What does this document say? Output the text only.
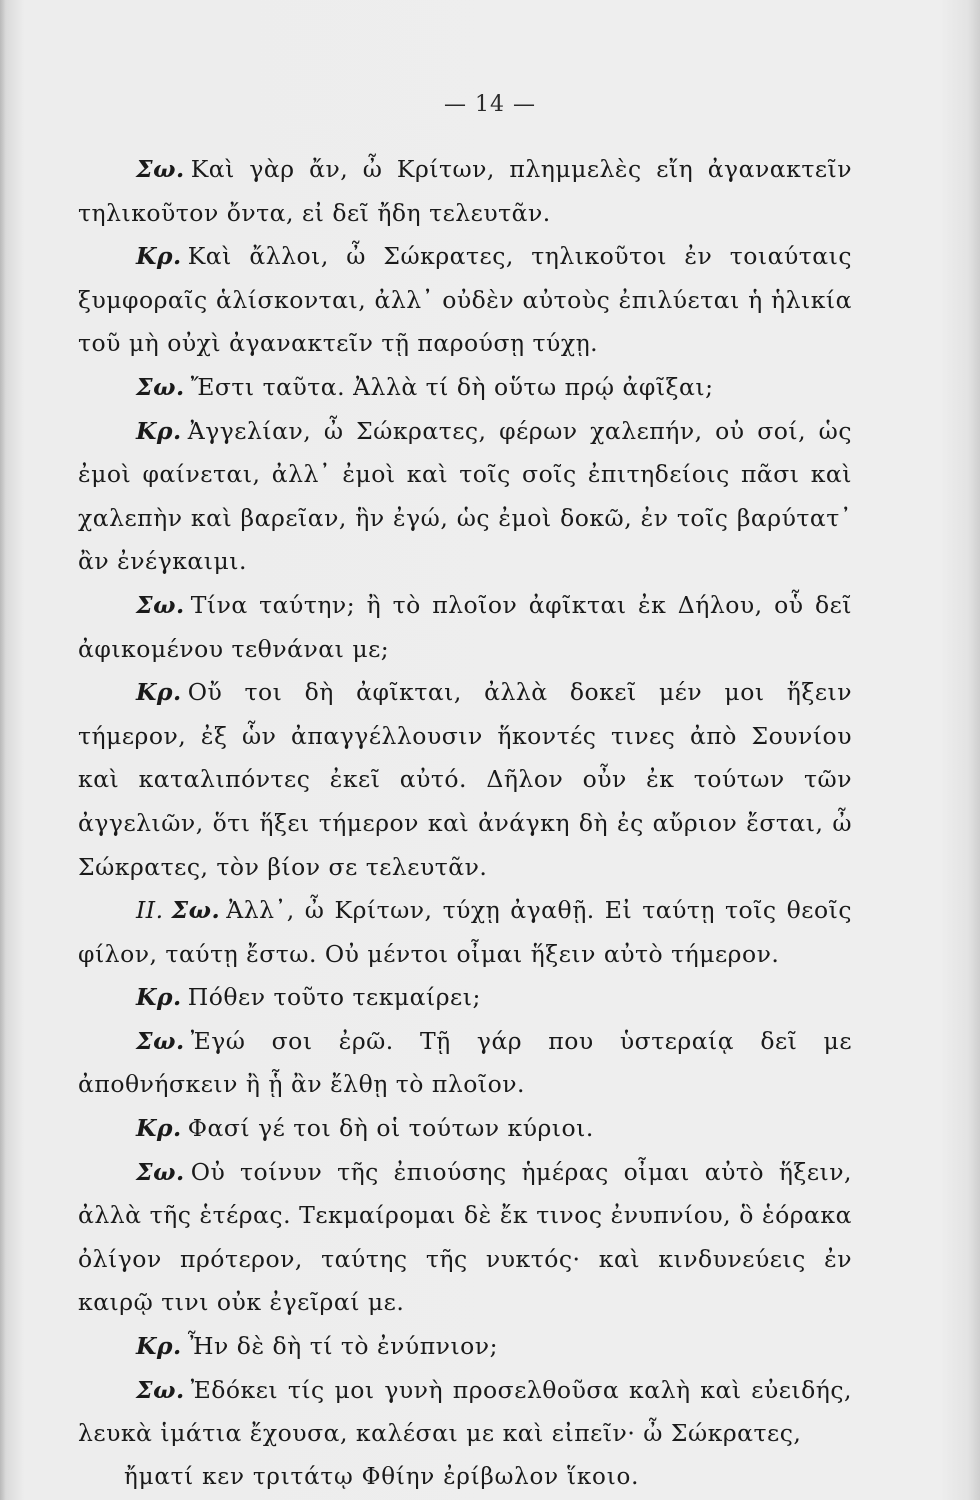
— 14 —

Σω. Καὶ γὰρ ἄν, ὦ Κρίτων, πλημμελὲς εἴη ἀγανακτεῖν τηλικοῦτον ὄντα, εἰ δεῖ ἤδη τελευτᾶν.

Κρ. Καὶ ἄλλοι, ὦ Σώκρατες, τηλικοῦτοι ἐν τοιαύταις ξυμφοραῖς ἁλίσκονται, ἀλλ᾽ οὐδὲν αὐτοὺς ἐπιλύεται ἡ ἡλικία τοῦ μὴ οὐχὶ ἀγανακτεῖν τῇ παρούσῃ τύχῃ.

Σω. Ἔστι ταῦτα. Ἀλλὰ τί δὴ οὕτω πρῴ ἀφῖξαι;

Κρ. Ἀγγελίαν, ὦ Σώκρατες, φέρων χαλεπήν, οὐ σοί, ὡς ἐμοὶ φαίνεται, ἀλλ᾽ ἐμοὶ καὶ τοῖς σοῖς ἐπιτηδείοις πᾶσι καὶ χαλεπὴν καὶ βαρεῖαν, ἣν ἐγώ, ὡς ἐμοὶ δοκῶ, ἐν τοῖς βαρύτατ᾽ ἂν ἐνέγκαιμι.

Σω. Τίνα ταύτην; ἢ τὸ πλοῖον ἀφῖκται ἐκ Δήλου, οὗ δεῖ ἀφικομένου τεθνάναι με;

Κρ. Οὔ τοι δὴ ἀφῖκται, ἀλλὰ δοκεῖ μέν μοι ἥξειν τήμερον, ἐξ ὧν ἀπαγγέλλουσιν ἥκοντές τινες ἀπὸ Σουνίου καὶ καταλιπόντες ἐκεῖ αὐτό. Δῆλον οὖν ἐκ τούτων τῶν ἀγγελιῶν, ὅτι ἥξει τήμερον καὶ ἀνάγκη δὴ ἐς αὔριον ἔσται, ὦ Σώκρατες, τὸν βίον σε τελευτᾶν.

ΙΙ. Σω. Ἀλλ᾽, ὦ Κρίτων, τύχῃ ἀγαθῇ. Εἰ ταύτῃ τοῖς θεοῖς φίλον, ταύτῃ ἔστω. Οὐ μέντοι οἶμαι ἥξειν αὐτὸ τήμερον.

Κρ. Πόθεν τοῦτο τεκμαίρει;

Σω. Ἐγώ σοι ἐρῶ. Τῇ γάρ που ὑστεραίᾳ δεῖ με ἀποθνήσκειν ἢ ᾗ ἂν ἔλθῃ τὸ πλοῖον.

Κρ. Φασί γέ τοι δὴ οἱ τούτων κύριοι.

Σω. Οὐ τοίνυν τῆς ἐπιούσης ἡμέρας οἶμαι αὐτὸ ἥξειν, ἀλλὰ τῆς ἑτέρας. Τεκμαίρομαι δὲ ἔκ τινος ἐνυπνίου, ὃ ἑόρακα ὀλίγον πρότερον, ταύτης τῆς νυκτός· καὶ κινδυνεύεις ἐν καιρῷ τινι οὐκ ἐγεῖραί με.

Κρ. Ἦν δὲ δὴ τί τὸ ἐνύπνιον;

Σω. Ἐδόκει τίς μοι γυνὴ προσελθοῦσα καλὴ καὶ εὐειδής, λευκὰ ἱμάτια ἔχουσα, καλέσαι με καὶ εἰπεῖν· ὦ Σώκρατες,

ἤματί κεν τριτάτῳ Φθίην ἐρίβωλον ἵκοιο.
